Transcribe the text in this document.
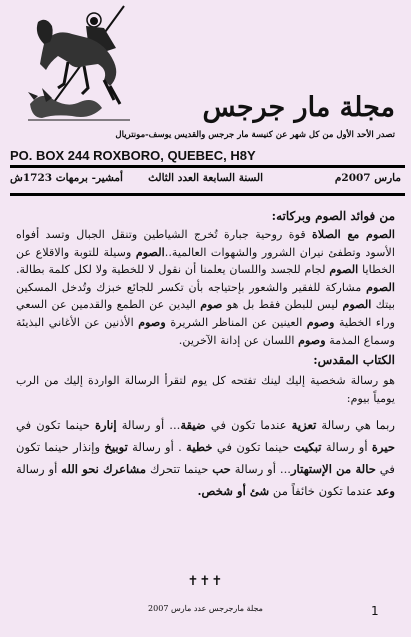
مجلة مار جرجس
تصدر الأحد الأول من كل شهر عن كنيسة مار جرجس والقديس يوسف-مونتريال
PO. BOX 244 ROXBORO, QUEBEC, H8Y
مارس 2007م
السنة السابعة العدد الثالث
أمشير- برمهات 1723ش

من فوائد الصوم وبركاته:

الصوم مع الصلاة قوة روحية جبارة تُخرج الشياطين وتنقل الجبال وتسد أفواه الأسود وتطفئ نيران الشرور والشهوات العالمية..الصوم وسيلة للتوبة والاقلاع عن الخطايا الصوم لجام للجسد واللسان يعلمنا أن نقول لا للخطية ولا لكل كلمة بطالة. الصوم مشاركة للفقير والشعور بإحتياجه بأن تكسر للجائع خبزك وتُدخل المسكين بيتك الصوم ليس للبطن فقط بل هو صوم اليدين عن الطمع والقدمين عن السعي وراء الخطية وصوم العينين عن المناظر الشريرة وصوم الأذنين عن الأغاني البذيئة وسماع المذمة وصوم اللسان عن إدانة الآخرين.

الكتاب المقدس:

هو رسالة شخصية إليك لينك تفتحه كل يوم لتقرأ الرسالة الواردة إليك من الرب يومياً بيوم:

ربما هي رسالة تعزية عندما تكون في ضيقة... أو رسالة إنارة حينما تكون في حيرة أو رسالة تبكيت حينما تكون في خطية . أو رسالة توبيخ وإنذار حينما تكون في حالة من الإستهتار... أو رسالة حب حينما تتحرك مشاعرك نحو الله أو رسالة وعد عندما تكون خائفاً من شئ أو شخص.

✝✝✝
مجلة مارجرجس عدد مارس 2007	1
